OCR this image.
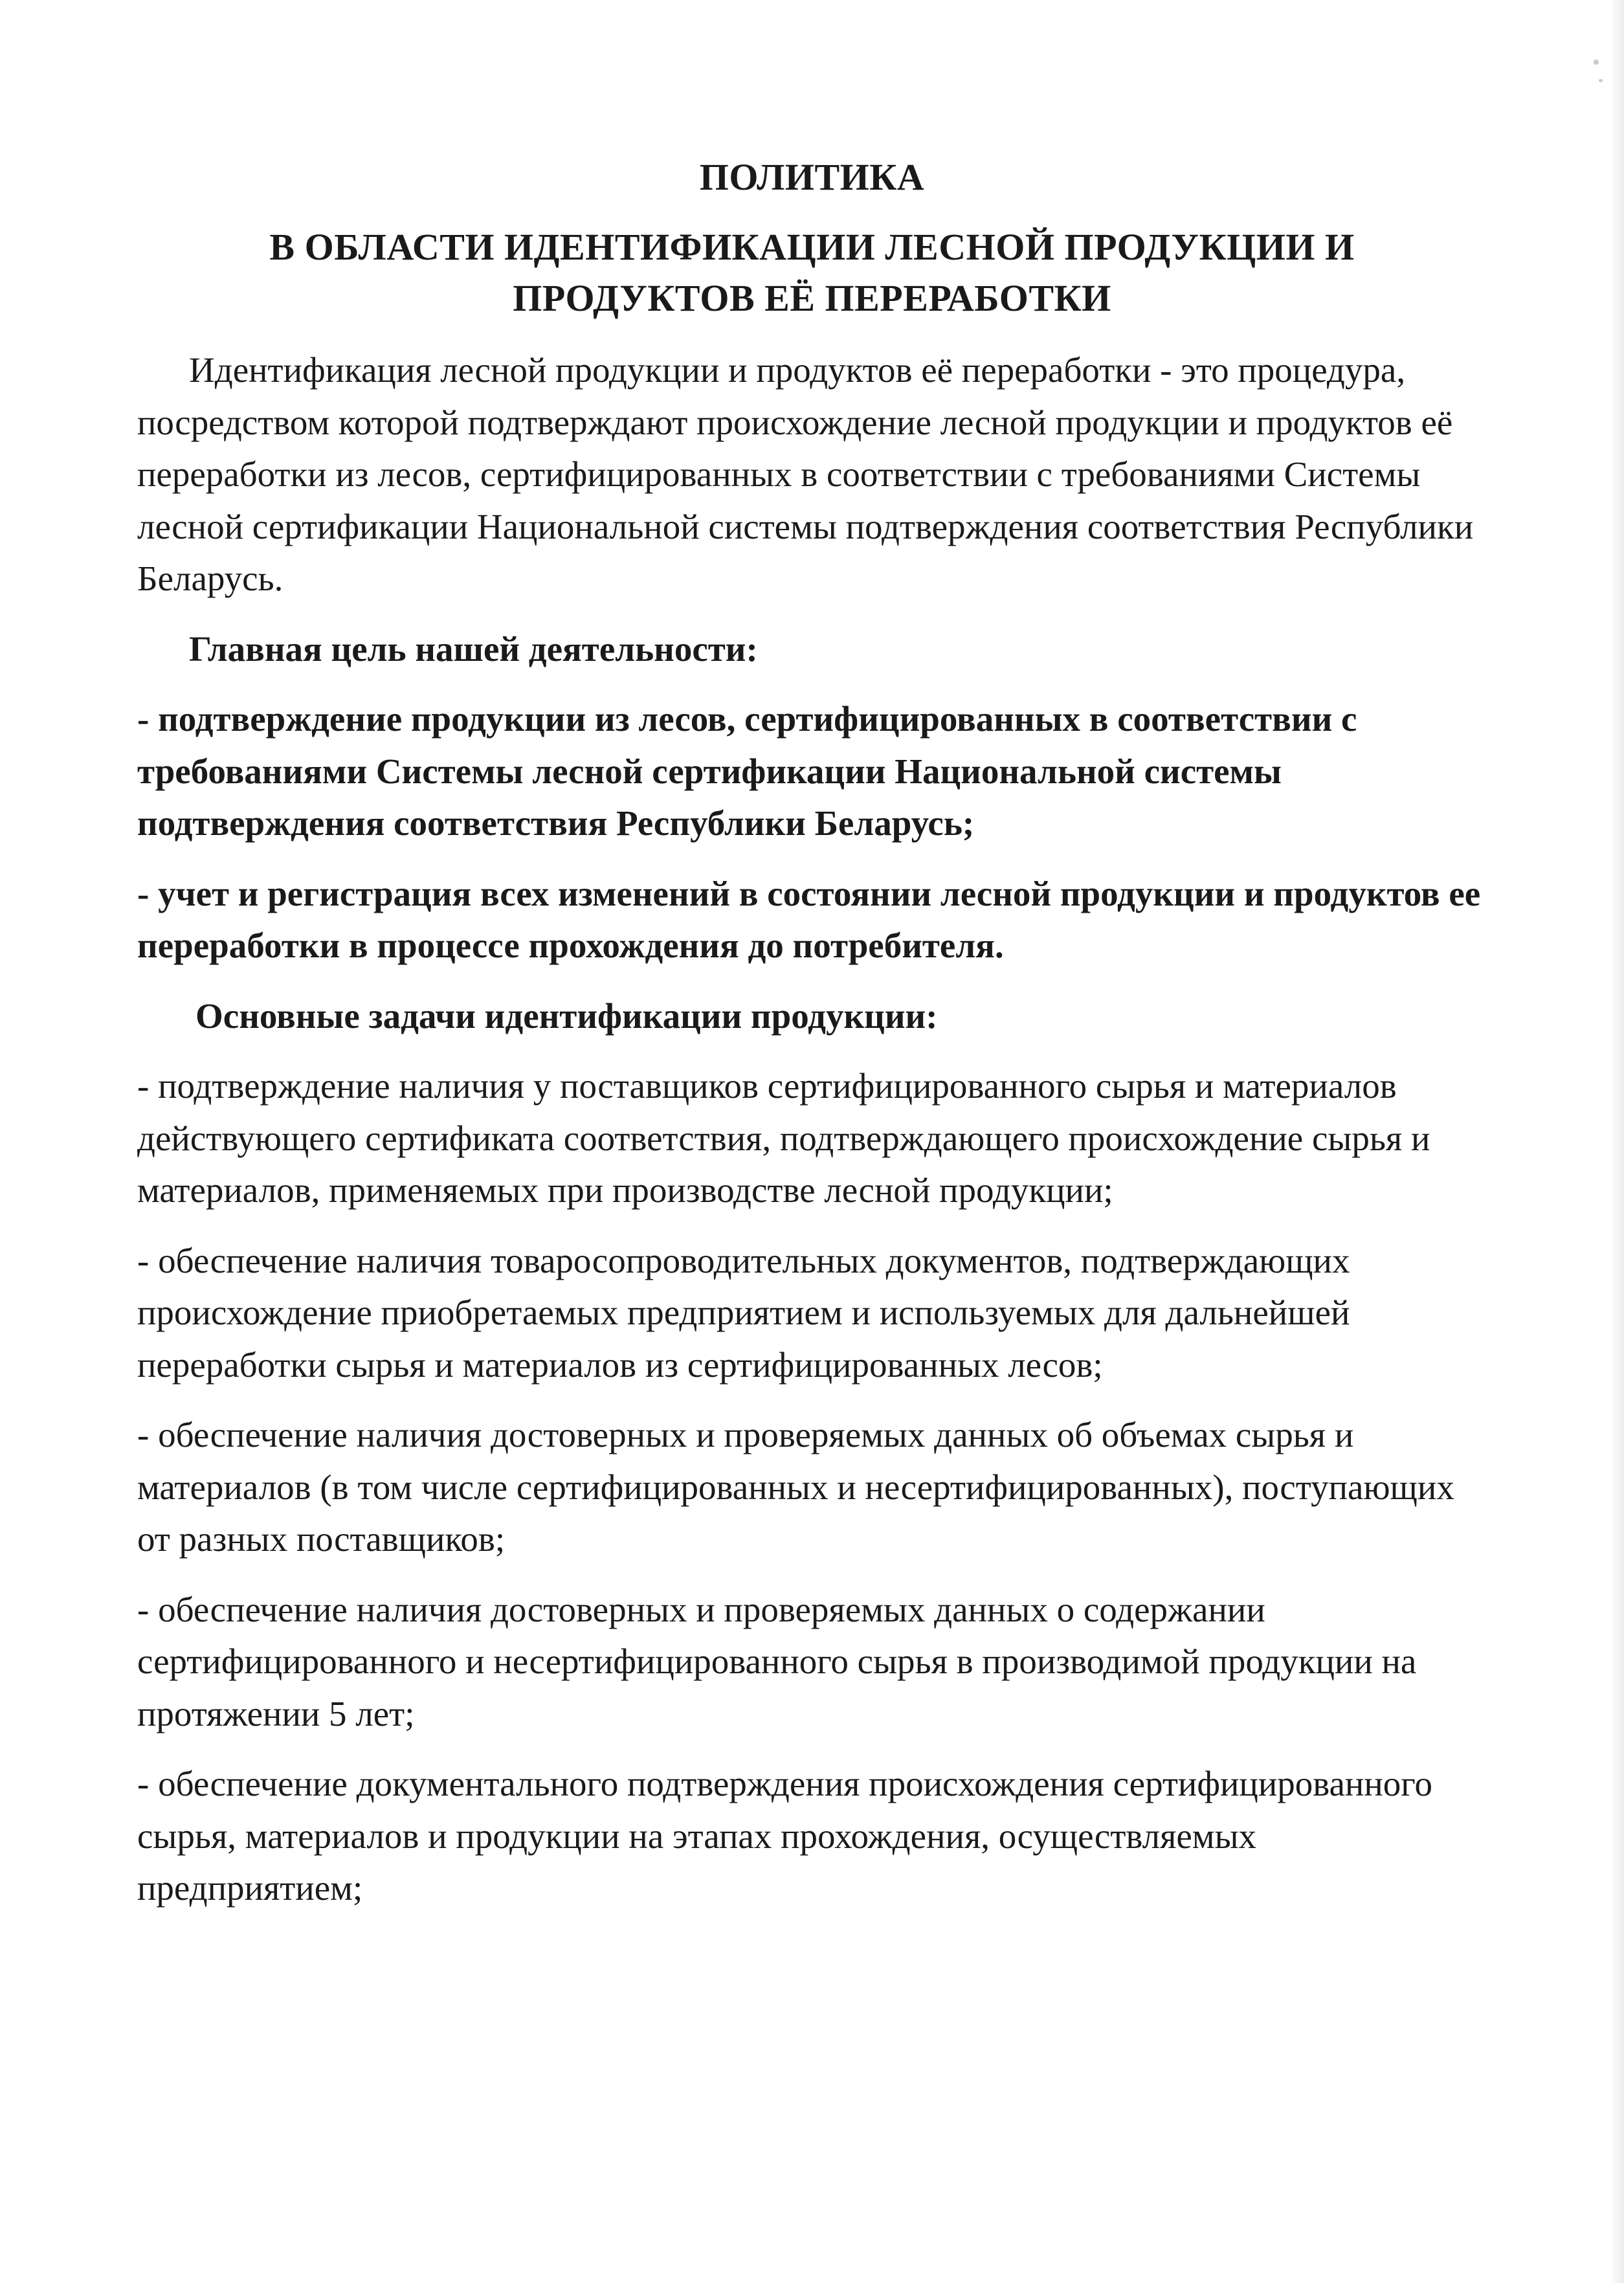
ПОЛИТИКА
В ОБЛАСТИ ИДЕНТИФИКАЦИИ ЛЕСНОЙ ПРОДУКЦИИ И
ПРОДУКТОВ ЕЁ ПЕРЕРАБОТКИ

Идентификация лесной продукции и продуктов её переработки - это процедура, посредством которой подтверждают происхождение лесной продукции и продуктов её переработки из лесов, сертифицированных в соответствии с требованиями Системы лесной сертификации Национальной системы подтверждения соответствия Республики Беларусь.

Главная цель нашей деятельности:

- подтверждение продукции из лесов, сертифицированных в соответствии с требованиями Системы лесной сертификации Национальной системы подтверждения соответствия Республики Беларусь;

- учет и регистрация всех изменений в состоянии лесной продукции и продуктов ее переработки в процессе прохождения до потребителя.

Основные задачи идентификации продукции:

- подтверждение наличия у поставщиков сертифицированного сырья и материалов действующего сертификата соответствия, подтверждающего происхождение сырья и материалов, применяемых при производстве лесной продукции;

- обеспечение наличия товаросопроводительных документов, подтверждающих происхождение приобретаемых предприятием и используемых для дальнейшей переработки сырья и материалов из сертифицированных лесов;

- обеспечение наличия достоверных и проверяемых данных об объемах сырья и материалов (в том числе сертифицированных и несертифицированных), поступающих от разных поставщиков;

- обеспечение наличия достоверных и проверяемых данных о содержании сертифицированного и несертифицированного сырья в производимой продукции на протяжении 5 лет;

- обеспечение документального подтверждения происхождения сертифицированного сырья, материалов и продукции на этапах прохождения, осуществляемых предприятием;
